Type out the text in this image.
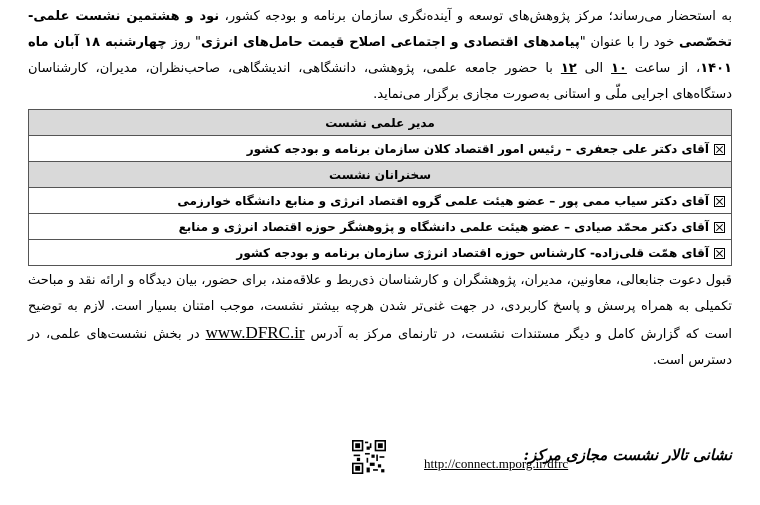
به استحضار می‌رساند؛ مرکز پژوهش‌های توسعه و آینده‌نگری سازمان برنامه و بودجه کشور، نود و هشتمین نشست علمی-تخصّصی خود را با عنوان "پیامدهای اقتصادی و اجتماعی اصلاح قیمت حامل‌های انرژی" روز چهارشنبه ۱۸ آبان ماه ۱۴۰۱، از ساعت ۱۰ الی ۱۲ با حضور جامعه علمی، پژوهشی، دانشگاهی، اندیشگاهی، صاحب‌نظران، مدیران، کارشناسان دستگاه‌های اجرایی ملّی و استانی به‌صورت مجازی برگزار می‌نماید.

مدیر علمی نشست
آقای دکتر علی جعفری – رئیس امور اقتصاد کلان سازمان برنامه و بودجه کشور
سخنرانان نشست
آقای دکتر سیاب ممی پور – عضو هیئت علمی گروه اقتصاد انرژی و منابع دانشگاه خوارزمی
آقای دکتر محمّد صیادی – عضو هیئت علمی دانشگاه و پژوهشگر حوزه اقتصاد انرژی و منابع
آقای همّت قلی‌زاده- کارشناس حوزه اقتصاد انرژی سازمان برنامه و بودجه کشور

قبول دعوت جنابعالی، معاونین، مدیران، پژوهشگران و کارشناسان ذی‌ربط و علاقه‌مند، برای حضور، بیان دیدگاه و ارائه نقد و مباحث تکمیلی به همراه پرسش و پاسخ کاربردی، در جهت غنی‌تر شدن هرچه بیشتر نشست، موجب امتنان بسیار است. لازم به توضیح است که گزارش کامل و دیگر مستندات نشست، در تارنمای مرکز به آدرس www.DFRC.ir در بخش نشست‌های علمی، در دسترس است.

http://connect.mporg.ir/dfrc
نشانی تالار نشست مجازی مرکز:
